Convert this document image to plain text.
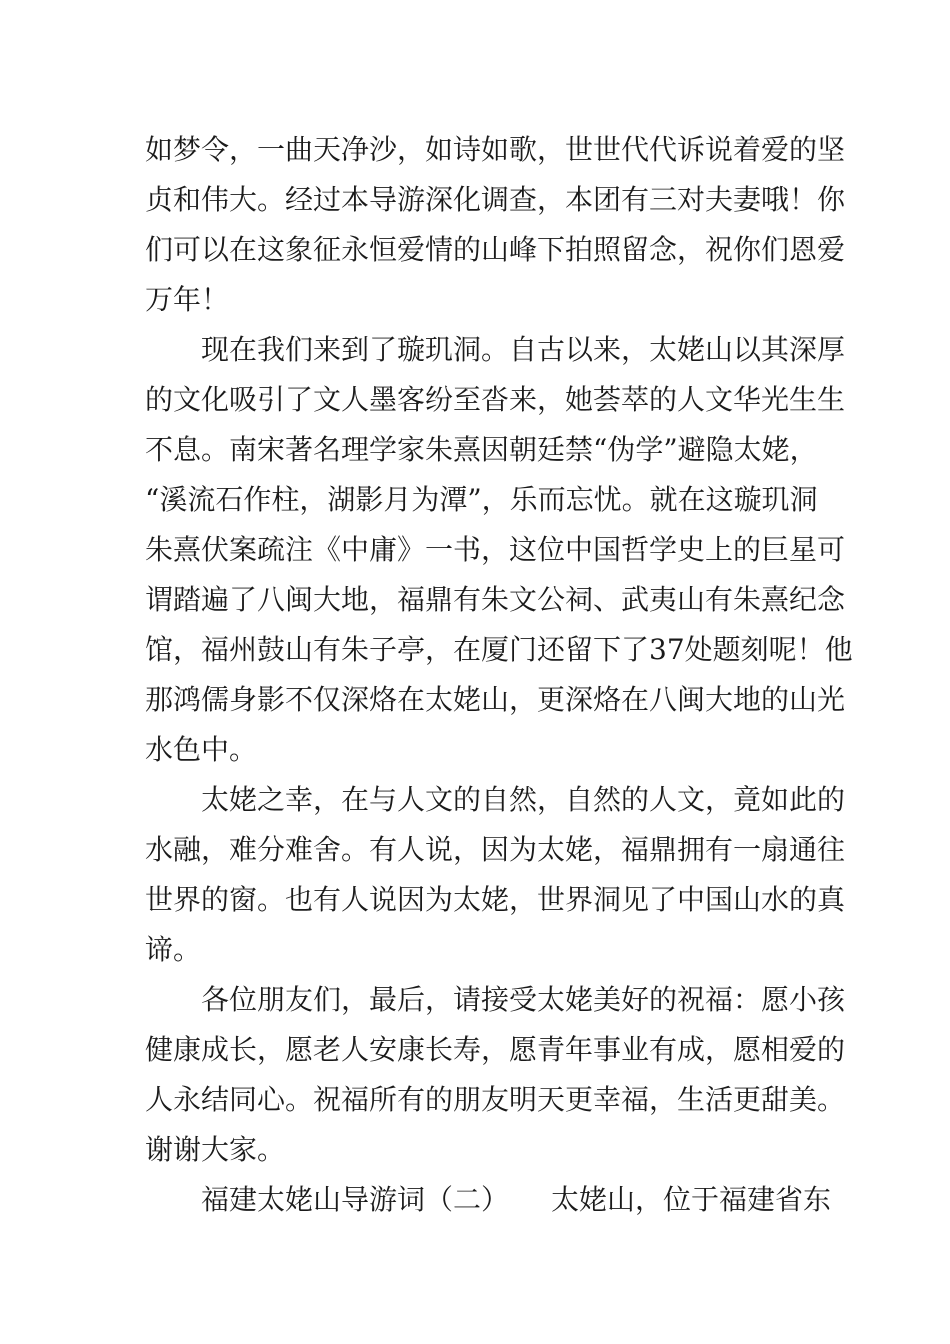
如梦令，一曲天净沙，如诗如歌，世世代代诉说着爱的坚
贞和伟大。经过本导游深化调查，本团有三对夫妻哦！你
们可以在这象征永恒爱情的山峰下拍照留念，祝你们恩爱
万年！
现在我们来到了璇玑洞。自古以来，太姥山以其深厚
的文化吸引了文人墨客纷至沓来，她荟萃的人文华光生生
不息。南宋著名理学家朱熹因朝廷禁“伪学”避隐太姥，
“溪流石作柱，湖影月为潭”，乐而忘忧。就在这璇玑洞
朱熹伏案疏注《中庸》一书，这位中国哲学史上的巨星可
谓踏遍了八闽大地，福鼎有朱文公祠、武夷山有朱熹纪念
馆，福州鼓山有朱子亭，在厦门还留下了37处题刻呢！他
那鸿儒身影不仅深烙在太姥山，更深烙在八闽大地的山光
水色中。
太姥之幸，在与人文的自然，自然的人文，竟如此的
水融，难分难舍。有人说，因为太姥，福鼎拥有一扇通往
世界的窗。也有人说因为太姥，世界洞见了中国山水的真
谛。
各位朋友们，最后，请接受太姥美好的祝福：愿小孩
健康成长，愿老人安康长寿，愿青年事业有成，愿相爱的
人永结同心。祝福所有的朋友明天更幸福，生活更甜美。
谢谢大家。
福建太姥山导游词（二）　　太姥山，位于福建省东
